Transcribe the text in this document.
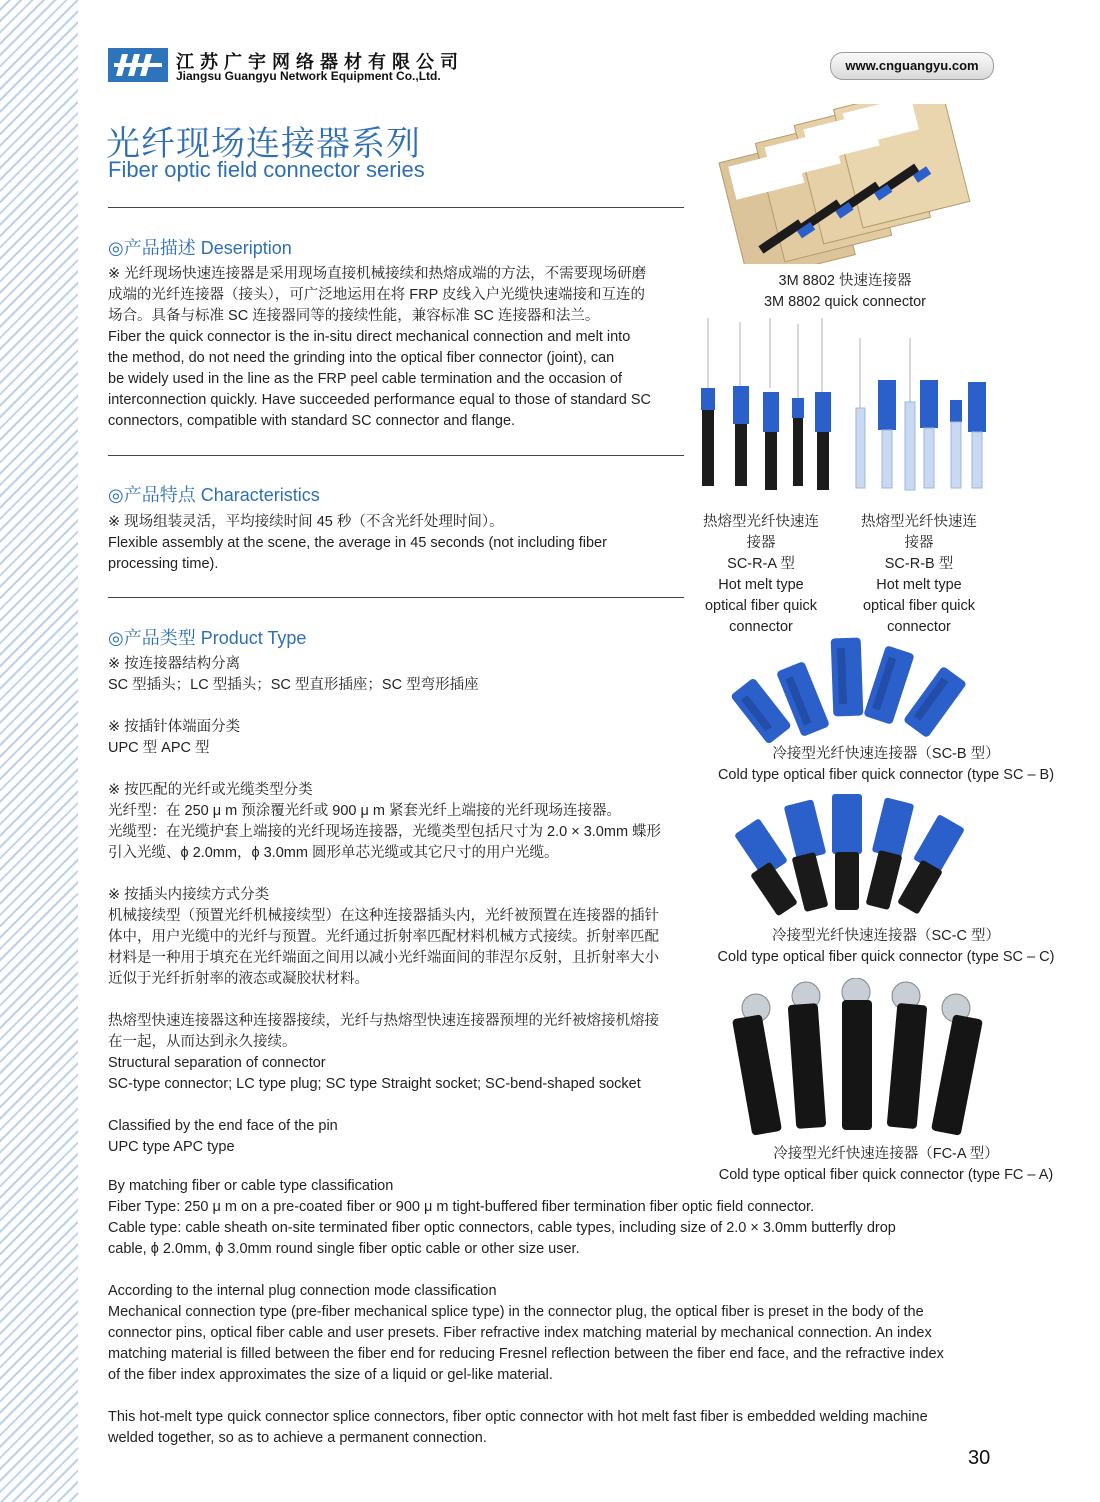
江苏广宇网络器材有限公司
Jiangsu Guangyu Network Equipment Co.,Ltd.
www.cnguangyu.com
光纤现场连接器系列
Fiber optic field connector series
◎产品描述 Deseription

※ 光纤现场快速连接器是采用现场直接机械接续和热熔成端的方法，不需要现场研磨

成端的光纤连接器（接头），可广泛地运用在将 FRP 皮线入户光缆快速端接和互连的

场合。具备与标准 SC 连接器同等的接续性能，兼容标准 SC 连接器和法兰。

Fiber the quick connector is the in-situ direct mechanical connection and melt into

the method, do not need the grinding into the optical fiber connector (joint), can

be widely used in the line as the FRP peel cable termination and the occasion of

interconnection quickly. Have succeeded performance equal to those of standard SC

connectors, compatible with standard SC connector and flange.

◎产品特点 Characteristics

※ 现场组装灵活，平均接续时间 45 秒（不含光纤处理时间）。

Flexible assembly at the scene, the average in 45 seconds (not including fiber

processing time).

◎产品类型 Product Type

※ 按连接器结构分离

SC 型插头；LC 型插头；SC 型直形插座；SC 型弯形插座

※ 按插针体端面分类

UPC 型 APC 型

※ 按匹配的光纤或光缆类型分类

光纤型：在 250 μ m 预涂覆光纤或 900 μ m 紧套光纤上端接的光纤现场连接器。

光缆型：在光缆护套上端接的光纤现场连接器，光缆类型包括尺寸为 2.0 × 3.0mm 蝶形

引入光缆、ϕ 2.0mm，ϕ 3.0mm 圆形单芯光缆或其它尺寸的用户光缆。

※ 按插头内接续方式分类

机械接续型（预置光纤机械接续型）在这种连接器插头内，光纤被预置在连接器的插针

体中，用户光缆中的光纤与预置。光纤通过折射率匹配材料机械方式接续。折射率匹配

材料是一种用于填充在光纤端面之间用以减小光纤端面间的菲涅尔反射，且折射率大小

近似于光纤折射率的液态或凝胶状材料。

热熔型快速连接器这种连接器接续，光纤与热熔型快速连接器预埋的光纤被熔接机熔接

在一起，从而达到永久接续。

Structural separation of connector

SC-type connector; LC type plug; SC type Straight socket; SC-bend-shaped socket

Classified by the end face of the pin

UPC type APC type

By matching fiber or cable type classification

Fiber Type: 250 μ m on a pre-coated fiber or 900 μ m tight-buffered fiber termination fiber optic field connector.

Cable type: cable sheath on-site terminated fiber optic connectors, cable types, including size of 2.0 × 3.0mm butterfly drop

cable, ϕ 2.0mm, ϕ 3.0mm round single fiber optic cable or other size user.

According to the internal plug connection mode classification

Mechanical connection type (pre-fiber mechanical splice type) in the connector plug, the optical fiber is preset in the body of the

connector pins, optical fiber cable and user presets. Fiber refractive index matching material by mechanical connection. An index

matching material is filled between the fiber end for reducing Fresnel reflection between the fiber end face, and the refractive index

of the fiber index approximates the size of a liquid or gel-like material.

This hot-melt type quick connector splice connectors, fiber optic connector with hot melt fast fiber is embedded welding machine

welded together, so as to achieve a permanent connection.

3M 8802 快速连接器
3M 8802 quick connector
热熔型光纤快速连
接器
SC-R-A 型
Hot melt type
optical fiber quick
connector
热熔型光纤快速连
接器
SC-R-B 型
Hot melt type
optical fiber quick
connector
冷接型光纤快速连接器（SC-B 型）
Cold type optical fiber quick connector (type SC – B)
冷接型光纤快速连接器（SC-C 型）
Cold type optical fiber quick connector (type SC – C)
冷接型光纤快速连接器（FC-A 型）
Cold type optical fiber quick connector (type FC – A)
30
